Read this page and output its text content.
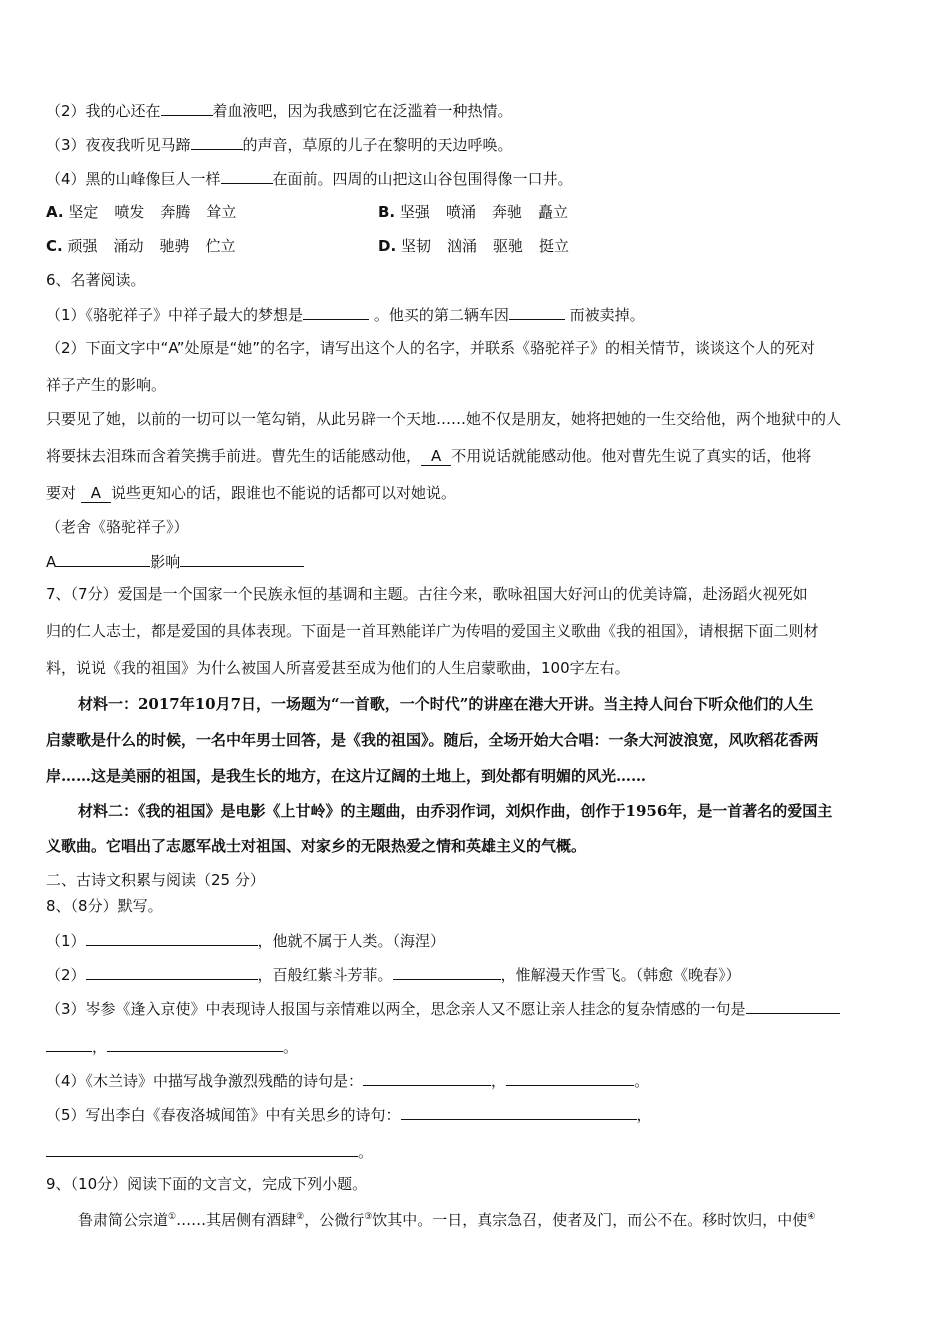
（2）我的心还在	着血液吧，因为我感到它在泛滥着一种热情。
（3）夜夜我听见马蹄	的声音，草原的儿子在黎明的天边呼唤。
（4）黑的山峰像巨人一样	在面前。四周的山把这山谷包围得像一口井。
A. 坚定 喷发 奔腾 耸立	B. 坚强 喷涌 奔驰 矗立
C. 顽强 涌动 驰骋 伫立	D. 坚韧 汹涌 驱驰 挺立
6、名著阅读。
（1）《骆驼祥子》中祥子最大的梦想是	。他买的第二辆车因	而被卖掉。
（2）下面文字中“A”处原是“她”的名字，请写出这个人的名字，并联系《骆驼祥子》的相关情节，谈谈这个人的死对
祥子产生的影响。
只要见了她，以前的一切可以一笔勾销，从此另辟一个天地……她不仅是朋友，她将把她的一生交给他，两个地狱中的人
将要抹去泪珠而含着笑携手前进。曹先生的话能感动他， A 不用说话就能感动他。他对曹先生说了真实的话，他将
要对 A 说些更知心的话，跟谁也不能说的话都可以对她说。
（老舍《骆驼祥子》）
A	影响
7、（7分）爱国是一个国家一个民族永恒的基调和主题。古往今来，歌咏祖国大好河山的优美诗篇，赴汤蹈火视死如
归的仁人志士，都是爱国的具体表现。下面是一首耳熟能详广为传唱的爱国主义歌曲《我的祖国》，请根据下面二则材
料，说说《我的祖国》为什么被国人所喜爱甚至成为他们的人生启蒙歌曲，100字左右。
材料一：2017年10月7日，一场题为“一首歌，一个时代”的讲座在港大开讲。当主持人问台下听众他们的人生
启蒙歌是什么的时候，一名中年男士回答，是《我的祖国》。随后，全场开始大合唱：一条大河波浪宽，风吹稻花香两
岸……这是美丽的祖国，是我生长的地方，在这片辽阔的土地上，到处都有明媚的风光……
材料二：《我的祖国》是电影《上甘岭》的主题曲，由乔羽作词，刘炽作曲，创作于1956年，是一首著名的爱国主
义歌曲。它唱出了志愿军战士对祖国、对家乡的无限热爱之情和英雄主义的气概。
二、古诗文积累与阅读（25 分）
8、（8分）默写。
（1）	，他就不属于人类。（海涅）
（2）	，百般红紫斗芳菲。	，惟解漫天作雪飞。（韩愈《晚春》）
（3）岑参《逢入京使》中表现诗人报国与亲情难以两全，思念亲人又不愿让亲人挂念的复杂情感的一句是
，	。
（4）《木兰诗》中描写战争激烈残酷的诗句是：	，	。
（5）写出李白《春夜洛城闻笛》中有关思乡的诗句：	，
。
9、（10分）阅读下面的文言文，完成下列小题。
鲁肃简公宗道①……其居侧有酒肆②，公微行③饮其中。一日，真宗急召，使者及门，而公不在。移时饮归，中使④
